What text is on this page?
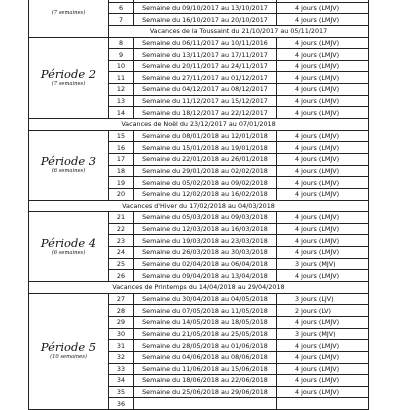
(7 semaines)

	6	Semaine du 09/10/2017 au 13/10/2017	4 jours (LMJV)
	7	Semaine du 16/10/2017 au 20/10/2017	4 jours (LMJV)
	Vacances de la Toussaint du 21/10/2017 au 05/11/2017		

Période 2
(7 semaines)	8	Semaine du 06/11/2017 au 10/11/2016	4 jours (LMJV)
	9	Semaine du 13/11/2017 au 17/11/2017	4 jours (LMJV)
	10	Semaine du 20/11/2017 au 24/11/2017	4 jours (LMJV)
	11	Semaine du 27/11/2017 au 01/12/2017	4 jours (LMJV)
	12	Semaine du 04/12/2017 au 08/12/2017	4 jours (LMJV)
	13	Semaine du 11/12/2017 au 15/12/2017	4 jours (LMJV)
	14	Semaine du 18/12/2017 au 22/12/2017	4 jours (LMJV)
Vacances de Noël du 23/12/2017 au 07/01/2018			

Période 3
(6 semaines)	15	Semaine du 08/01/2018 au 12/01/2018	4 jours (LMJV)
	16	Semaine du 15/01/2018 au 19/01/2018	4 jours (LMJV)
	17	Semaine du 22/01/2018 au 26/01/2018	4 jours (LMJV)
	18	Semaine du 29/01/2018 au 02/02/2018	4 jours (LMJV)
	19	Semaine du 05/02/2018 au 09/02/2018	4 jours (LMJV)
	20	Semaine du 12/02/2018 au 16/02/2018	4 jours (LMJV)
Vacances d'Hiver du 17/02/2018 au 04/03/2018			

Période 4
(6 semaines)	21	Semaine du 05/03/2018 au 09/03/2018	4 jours (LMJV)
	22	Semaine du 12/03/2018 au 16/03/2018	4 jours (LMJV)
	23	Semaine du 19/03/2018 au 23/03/2018	4 jours (LMJV)
	24	Semaine du 26/03/2018 au 30/03/2018	4 jours (LMJV)
	25	Semaine du 02/04/2018 au 06/04/2018	3 jours (MJV)
	26	Semaine du 09/04/2018 au 13/04/2018	4 jours (LMJV)
Vacances de Printemps du 14/04/2018 au 29/04/2018			

Période 5
(10 semaines)	27	Semaine du 30/04/2018 au 04/05/2018	3 jours (LJV)
	28	Semaine du 07/05/2018 au 11/05/2018	2 jours (LV)
	29	Semaine du 14/05/2018 au 18/05/2018	4 jours (LMJV)
	30	Semaine du 21/05/2018 au 25/05/2018	3 jours (MJV)
	31	Semaine du 28/05/2018 au 01/06/2018	4 jours (LMJV)
	32	Semaine du 04/06/2018 au 08/06/2018	4 jours (LMJV)
	33	Semaine du 11/06/2018 au 15/06/2018	4 jours (LMJV)
	34	Semaine du 18/06/2018 au 22/06/2018	4 jours (LMJV)
	35	Semaine du 25/06/2018 au 29/06/2018	4 jours (LMJV)
	36		
